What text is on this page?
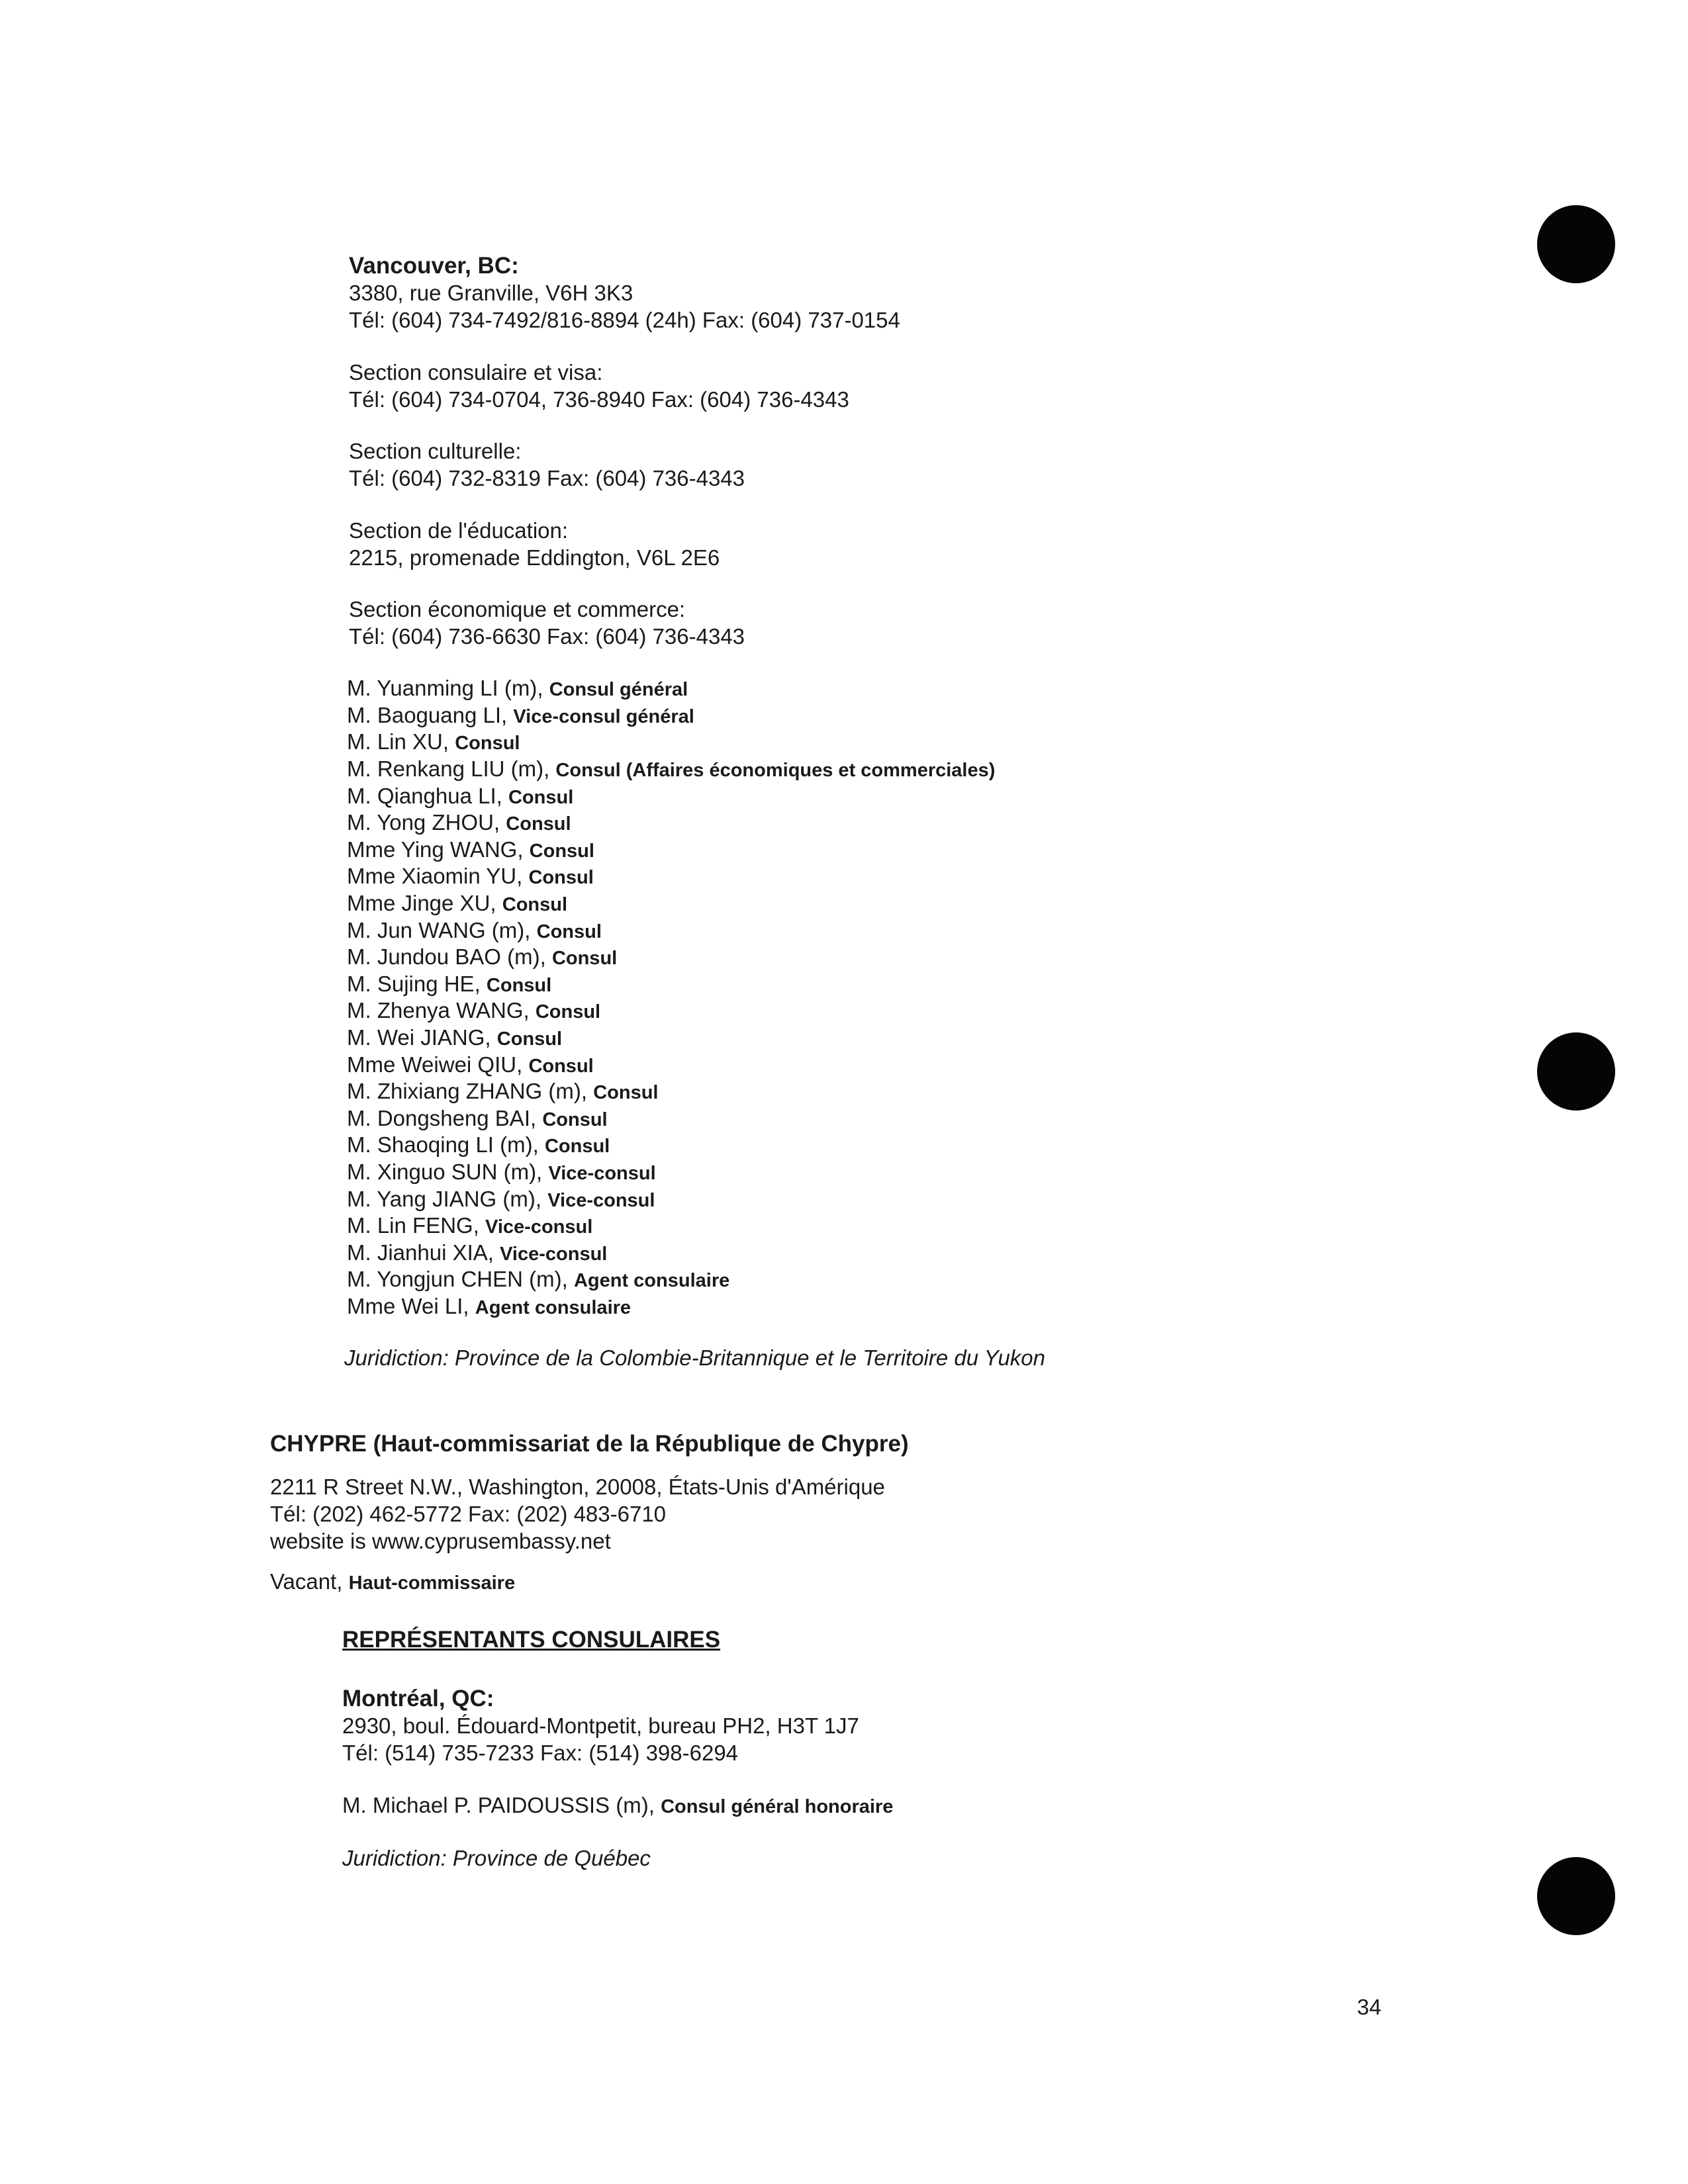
Vancouver, BC:
3380, rue Granville, V6H 3K3
Tél: (604) 734-7492/816-8894 (24h) Fax: (604) 737-0154
Section consulaire et visa:
Tél: (604) 734-0704, 736-8940 Fax: (604) 736-4343
Section culturelle:
Tél: (604) 732-8319 Fax: (604) 736-4343
Section de l'éducation:
2215, promenade Eddington, V6L 2E6
Section économique et commerce:
Tél: (604) 736-6630 Fax: (604) 736-4343
M. Yuanming LI (m), Consul général
M. Baoguang LI, Vice-consul général
M. Lin XU, Consul
M. Renkang LIU (m), Consul (Affaires économiques et commerciales)
M. Qianghua LI, Consul
M. Yong ZHOU, Consul
Mme Ying WANG, Consul
Mme Xiaomin YU, Consul
Mme Jinge XU, Consul
M. Jun WANG (m), Consul
M. Jundou BAO (m), Consul
M. Sujing HE, Consul
M. Zhenya WANG, Consul
M. Wei JIANG, Consul
Mme Weiwei QIU, Consul
M. Zhixiang ZHANG (m), Consul
M. Dongsheng BAI, Consul
M. Shaoqing LI (m), Consul
M. Xinguo SUN (m), Vice-consul
M. Yang JIANG (m), Vice-consul
M. Lin FENG, Vice-consul
M. Jianhui XIA, Vice-consul
M. Yongjun CHEN (m), Agent consulaire
Mme Wei LI, Agent consulaire
Juridiction: Province de la Colombie-Britannique et le Territoire du Yukon
CHYPRE (Haut-commissariat de la République de Chypre)
2211 R Street N.W., Washington, 20008, États-Unis d'Amérique
Tél: (202) 462-5772 Fax: (202) 483-6710
website is www.cyprusembassy.net
Vacant, Haut-commissaire
REPRÉSENTANTS CONSULAIRES
Montréal, QC:
2930, boul. Édouard-Montpetit, bureau PH2, H3T 1J7
Tél: (514) 735-7233 Fax: (514) 398-6294
M. Michael P. PAIDOUSSIS (m), Consul général honoraire
Juridiction: Province de Québec
34
